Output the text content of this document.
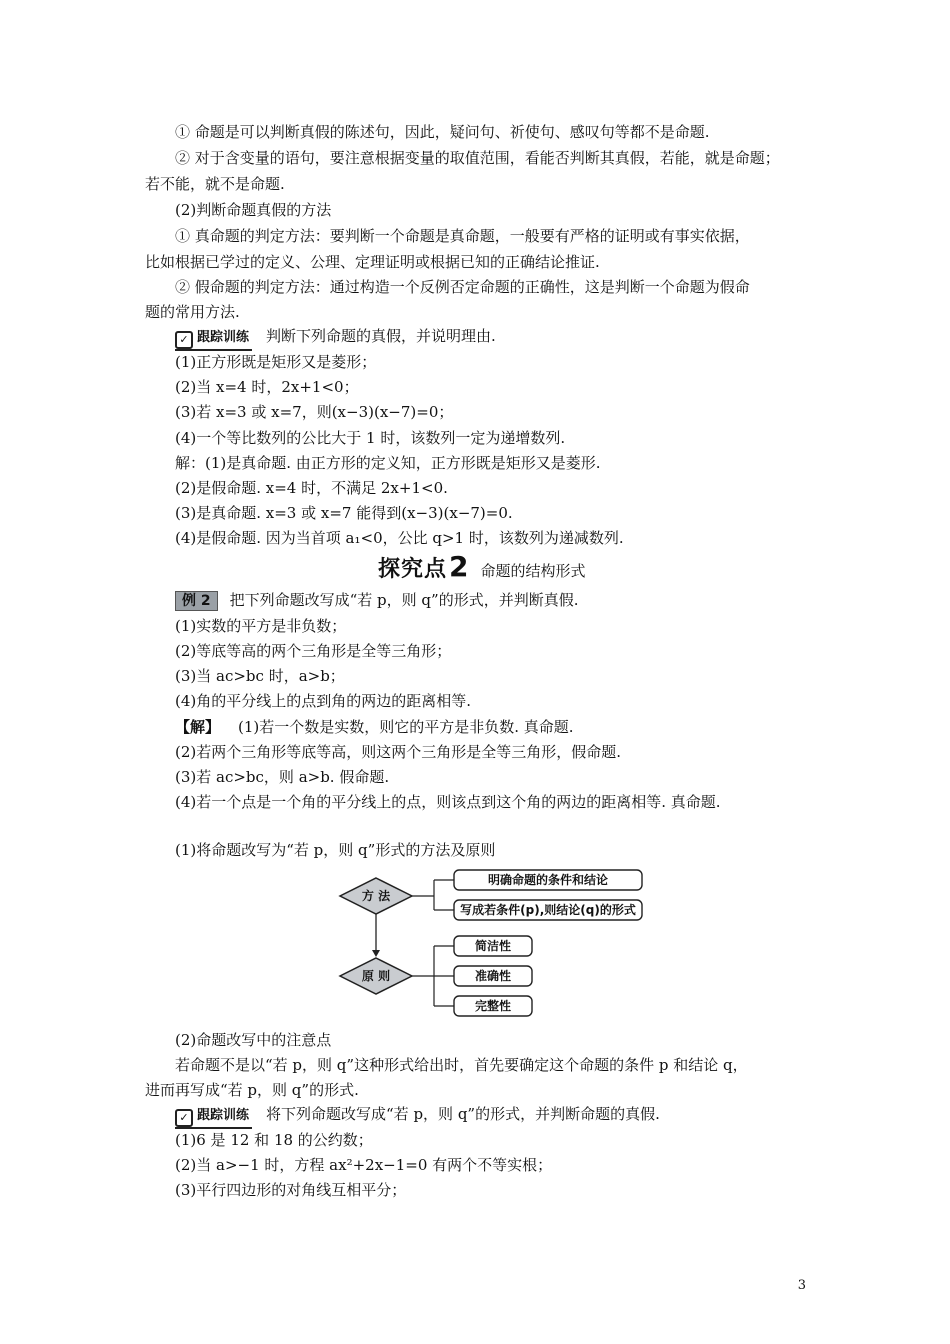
① 命题是可以判断真假的陈述句，因此，疑问句、祈使句、感叹句等都不是命题.
② 对于含变量的语句，要注意根据变量的取值范围，看能否判断其真假，若能，就是命题；
若不能，就不是命题.
(2)判断命题真假的方法
① 真命题的判定方法：要判断一个命题是真命题，一般要有严格的证明或有事实依据，
比如根据已学过的定义、公理、定理证明或根据已知的正确结论推证.
② 假命题的判定方法：通过构造一个反例否定命题的正确性，这是判断一个命题为假命
题的常用方法.
✓ 跟踪训练 判断下列命题的真假，并说明理由.
(1)正方形既是矩形又是菱形；
(2)当 x=4 时，2x+1<0；
(3)若 x=3 或 x=7，则(x−3)(x−7)=0；
(4)一个等比数列的公比大于 1 时，该数列一定为递增数列.
解：(1)是真命题. 由正方形的定义知，正方形既是矩形又是菱形.
(2)是假命题. x=4 时，不满足 2x+1<0.
(3)是真命题. x=3 或 x=7 能得到(x−3)(x−7)=0.
(4)是假命题. 因为当首项 a₁<0，公比 q>1 时，该数列为递减数列.
探究点2 命题的结构形式
例 2 把下列命题改写成“若 p，则 q”的形式，并判断真假.
(1)实数的平方是非负数；
(2)等底等高的两个三角形是全等三角形；
(3)当 ac>bc 时，a>b；
(4)角的平分线上的点到角的两边的距离相等.
【解】 (1)若一个数是实数，则它的平方是非负数. 真命题.
(2)若两个三角形等底等高，则这两个三角形是全等三角形，假命题.
(3)若 ac>bc，则 a>b. 假命题.
(4)若一个点是一个角的平分线上的点，则该点到这个角的两边的距离相等. 真命题.
(1)将命题改写为“若 p，则 q”形式的方法及原则
方 法
原 则
明确命题的条件和结论
写成若条件(p),则结论(q)的形式
简洁性
准确性
完整性
(2)命题改写中的注意点
若命题不是以“若 p，则 q”这种形式给出时，首先要确定这个命题的条件 p 和结论 q，
进而再写成“若 p，则 q”的形式.
✓ 跟踪训练 将下列命题改写成“若 p，则 q”的形式，并判断命题的真假.
(1)6 是 12 和 18 的公约数；
(2)当 a>−1 时，方程 ax²+2x−1=0 有两个不等实根；
(3)平行四边形的对角线互相平分；
3
